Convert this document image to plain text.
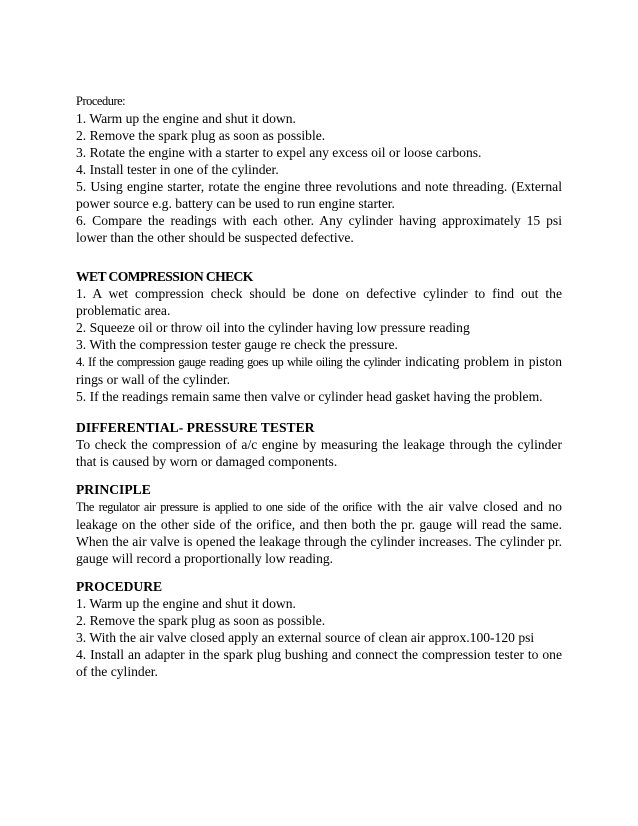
Procedure:

1. Warm up the engine and shut it down.

2. Remove the spark plug as soon as possible.

3. Rotate the engine with a starter to expel any excess oil or loose carbons.

4. Install tester in one of the cylinder.

5. Using engine starter, rotate the engine three revolutions and note threading. (External power source e.g. battery can be used to run engine starter.

6. Compare the readings with each other. Any cylinder having approximately 15 psi lower than the other should be suspected defective.

WET COMPRESSION CHECK

1. A wet compression check should be done on defective cylinder to find out the problematic area.

2. Squeeze oil or throw oil into the cylinder having low pressure reading

3. With the compression tester gauge re check the pressure.

4. If the compression gauge reading goes up while oiling the cylinder indicating problem in piston rings or wall of the cylinder.

5. If the readings remain same then valve or cylinder head gasket having the problem.

DIFFERENTIAL- PRESSURE TESTER

To check the compression of a/c engine by measuring the leakage through the cylinder that is caused by worn or damaged components.

PRINCIPLE

The regulator air pressure is applied to one side of the orifice with the air valve closed and no leakage on the other side of the orifice, and then both the pr. gauge will read the same. When the air valve is opened the leakage through the cylinder increases. The cylinder pr. gauge will record a proportionally low reading.

PROCEDURE

1. Warm up the engine and shut it down.

2. Remove the spark plug as soon as possible.

3. With the air valve closed apply an external source of clean air approx.100-120 psi

4. Install an adapter in the spark plug bushing and connect the compression tester to one of the cylinder.
